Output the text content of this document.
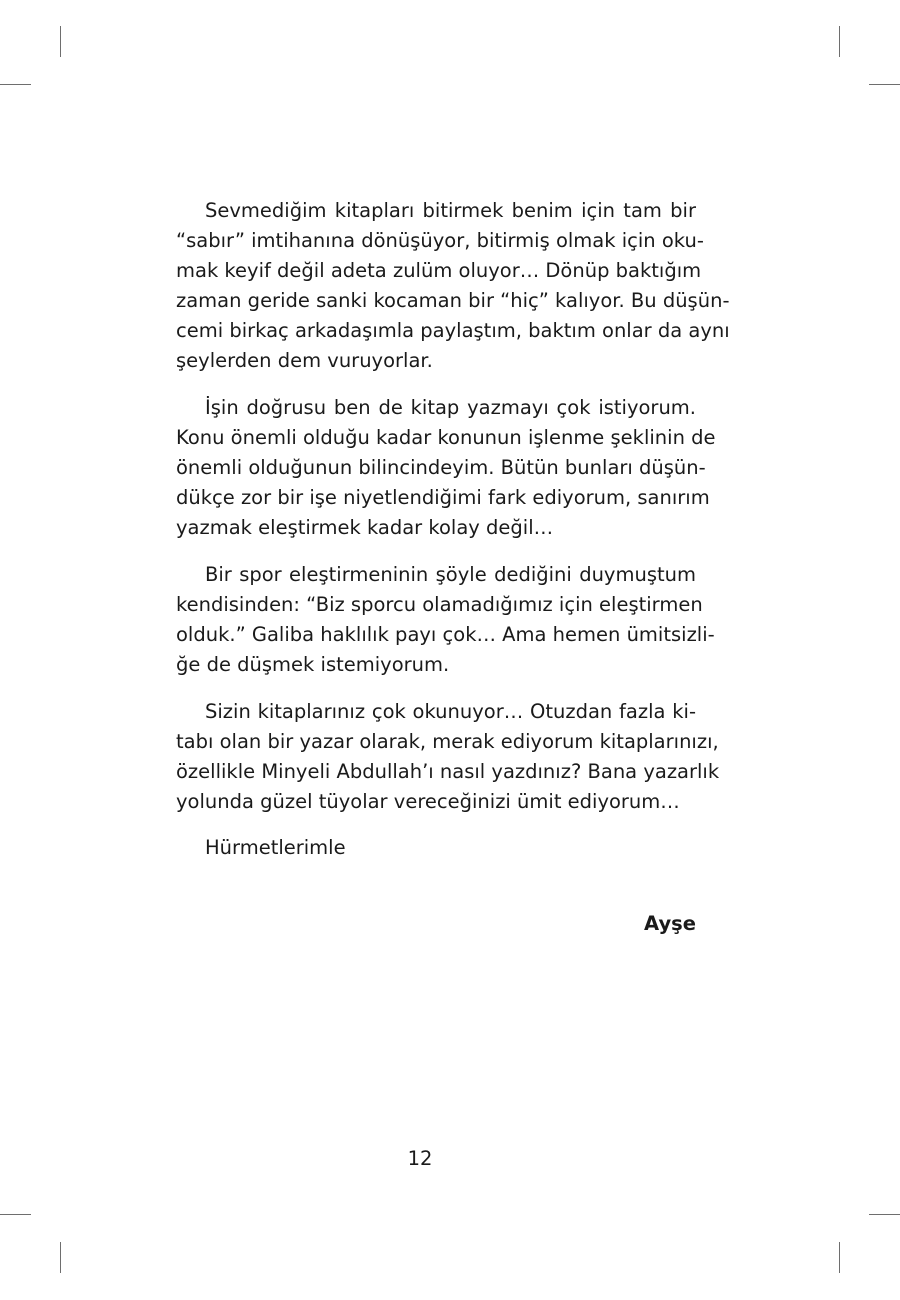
Sevmediğim kitapları bitirmek benim için tam bir
“sabır” imtihanına dönüşüyor, bitirmiş olmak için oku-
mak keyif değil adeta zulüm oluyor… Dönüp baktığım
zaman geride sanki kocaman bir “hiç” kalıyor. Bu düşün-
cemi birkaç arkadaşımla paylaştım, baktım onlar da aynı
şeylerden dem vuruyorlar.
İşin doğrusu ben de kitap yazmayı çok istiyorum.
Konu önemli olduğu kadar konunun işlenme şeklinin de
önemli olduğunun bilincindeyim. Bütün bunları düşün-
dükçe zor bir işe niyetlendiğimi fark ediyorum, sanırım
yazmak eleştirmek kadar kolay değil…
Bir spor eleştirmeninin şöyle dediğini duymuştum
kendisinden: “Biz sporcu olamadığımız için eleştirmen
olduk.” Galiba haklılık payı çok… Ama hemen ümitsizli-
ğe de düşmek istemiyorum.
Sizin kitaplarınız çok okunuyor… Otuzdan fazla ki-
tabı olan bir yazar olarak, merak ediyorum kitaplarınızı,
özellikle Minyeli Abdullah’ı nasıl yazdınız? Bana yazarlık
yolunda güzel tüyolar vereceğinizi ümit ediyorum…
Hürmetlerimle
Ayşe
12
